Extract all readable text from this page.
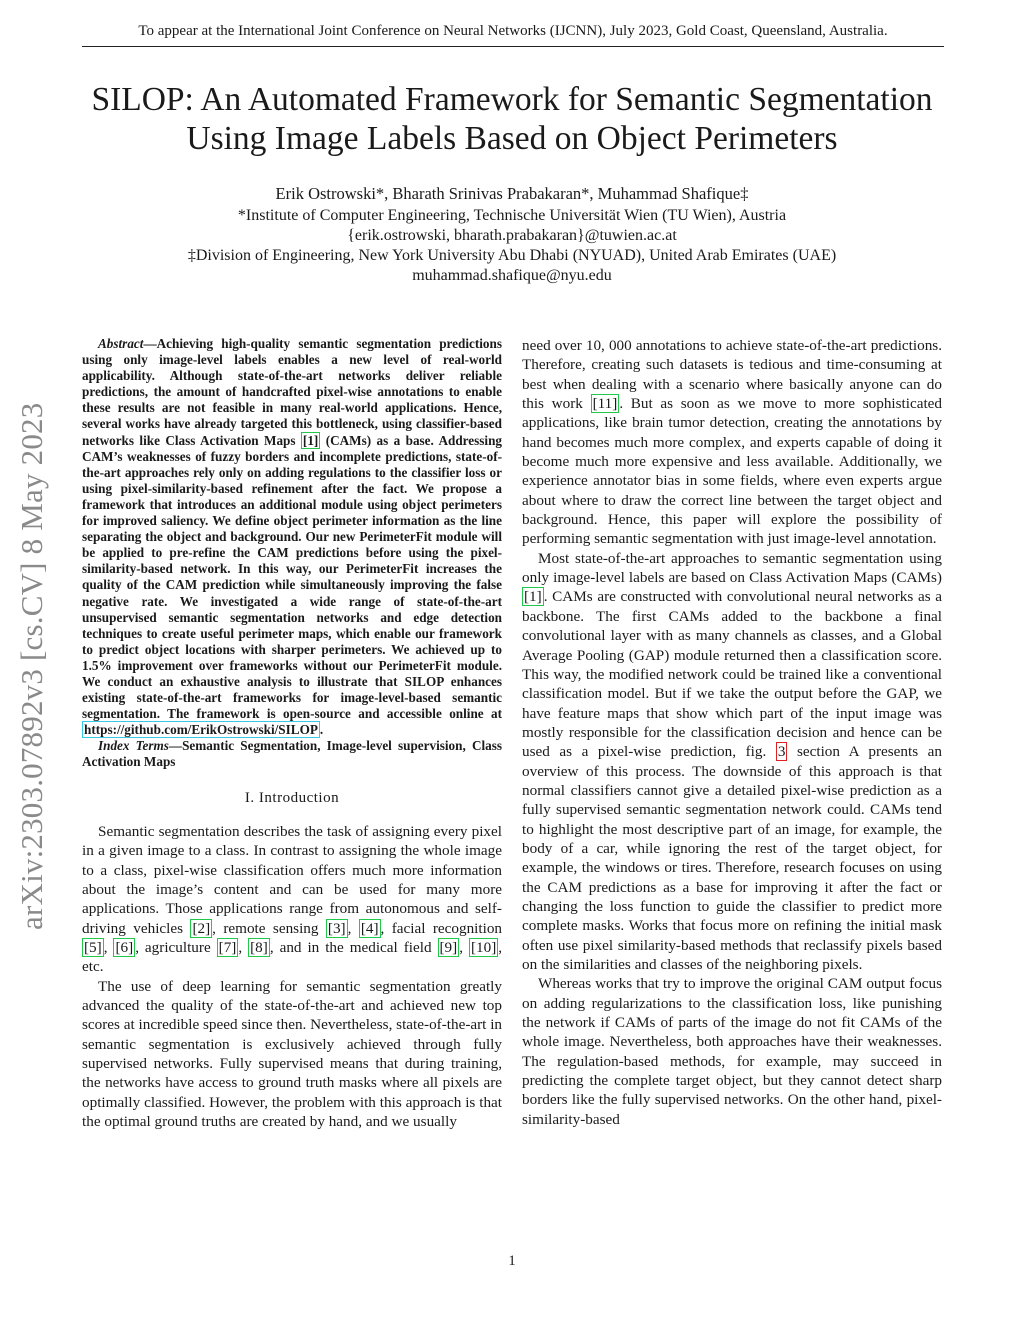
To appear at the International Joint Conference on Neural Networks (IJCNN), July 2023, Gold Coast, Queensland, Australia.
SILOP: An Automated Framework for Semantic Segmentation
Using Image Labels Based on Object Perimeters
Erik Ostrowski*, Bharath Srinivas Prabakaran*, Muhammad Shafique‡
*Institute of Computer Engineering, Technische Universität Wien (TU Wien), Austria
{erik.ostrowski, bharath.prabakaran}@tuwien.ac.at
‡Division of Engineering, New York University Abu Dhabi (NYUAD), United Arab Emirates (UAE)
muhammad.shafique@nyu.edu
arXiv:2303.07892v3 [cs.CV] 8 May 2023

Abstract—Achieving high-quality semantic segmentation predictions using only image-level labels enables a new level of real-world applicability. Although state-of-the-art networks deliver reliable predictions, the amount of handcrafted pixel-wise annotations to enable these results are not feasible in many real-world applications. Hence, several works have already targeted this bottleneck, using classifier-based networks like Class Activation Maps [1] (CAMs) as a base. Addressing CAM’s weaknesses of fuzzy borders and incomplete predictions, state-of-the-art approaches rely only on adding regulations to the classifier loss or using pixel-similarity-based refinement after the fact. We propose a framework that introduces an additional module using object perimeters for improved saliency. We define object perimeter information as the line separating the object and background. Our new PerimeterFit module will be applied to pre-refine the CAM predictions before using the pixel-similarity-based network. In this way, our PerimeterFit increases the quality of the CAM prediction while simultaneously improving the false negative rate. We investigated a wide range of state-of-the-art unsupervised semantic segmentation networks and edge detection techniques to create useful perimeter maps, which enable our framework to predict object locations with sharper perimeters. We achieved up to 1.5% improvement over frameworks without our PerimeterFit module. We conduct an exhaustive analysis to illustrate that SILOP enhances existing state-of-the-art frameworks for image-level-based semantic segmentation. The framework is open-source and accessible online at https://github.com/ErikOstrowski/SILOP .

Index Terms—Semantic Segmentation, Image-level supervision, Class Activation Maps

I. Introduction

Semantic segmentation describes the task of assigning every pixel in a given image to a class. In contrast to assigning the whole image to a class, pixel-wise classification offers much more information about the image’s content and can be used for many more applications. Those applications range from autonomous and self-driving vehicles [2] , remote sensing [3] , [4] , facial recognition [5] , [6] , agriculture [7] , [8] , and in the medical field [9] , [10] , etc.

The use of deep learning for semantic segmentation greatly advanced the quality of the state-of-the-art and achieved new top scores at incredible speed since then. Nevertheless, state-of-the-art in semantic segmentation is exclusively achieved through fully supervised networks. Fully supervised means that during training, the networks have access to ground truth masks where all pixels are optimally classified. However, the problem with this approach is that the optimal ground truths are created by hand, and we usually

need over 10, 000 annotations to achieve state-of-the-art predictions. Therefore, creating such datasets is tedious and time-consuming at best when dealing with a scenario where basically anyone can do this work [11] . But as soon as we move to more sophisticated applications, like brain tumor detection, creating the annotations by hand becomes much more complex, and experts capable of doing it become much more expensive and less available. Additionally, we experience annotator bias in some fields, where even experts argue about where to draw the correct line between the target object and background. Hence, this paper will explore the possibility of performing semantic segmentation with just image-level annotation.

Most state-of-the-art approaches to semantic segmentation using only image-level labels are based on Class Activation Maps (CAMs) [1] . CAMs are constructed with convolutional neural networks as a backbone. The first CAMs added to the backbone a final convolutional layer with as many channels as classes, and a Global Average Pooling (GAP) module returned then a classification score. This way, the modified network could be trained like a conventional classification model. But if we take the output before the GAP, we have feature maps that show which part of the input image was mostly responsible for the classification decision and hence can be used as a pixel-wise prediction, fig. 3 section A presents an overview of this process. The downside of this approach is that normal classifiers cannot give a detailed pixel-wise prediction as a fully supervised semantic segmentation network could. CAMs tend to highlight the most descriptive part of an image, for example, the body of a car, while ignoring the rest of the target object, for example, the windows or tires. Therefore, research focuses on using the CAM predictions as a base for improving it after the fact or changing the loss function to guide the classifier to predict more complete masks. Works that focus more on refining the initial mask often use pixel similarity-based methods that reclassify pixels based on the similarities and classes of the neighboring pixels.

Whereas works that try to improve the original CAM output focus on adding regularizations to the classification loss, like punishing the network if CAMs of parts of the image do not fit CAMs of the whole image. Nevertheless, both approaches have their weaknesses. The regulation-based methods, for example, may succeed in predicting the complete target object, but they cannot detect sharp borders like the fully supervised networks. On the other hand, pixel-similarity-based

1
